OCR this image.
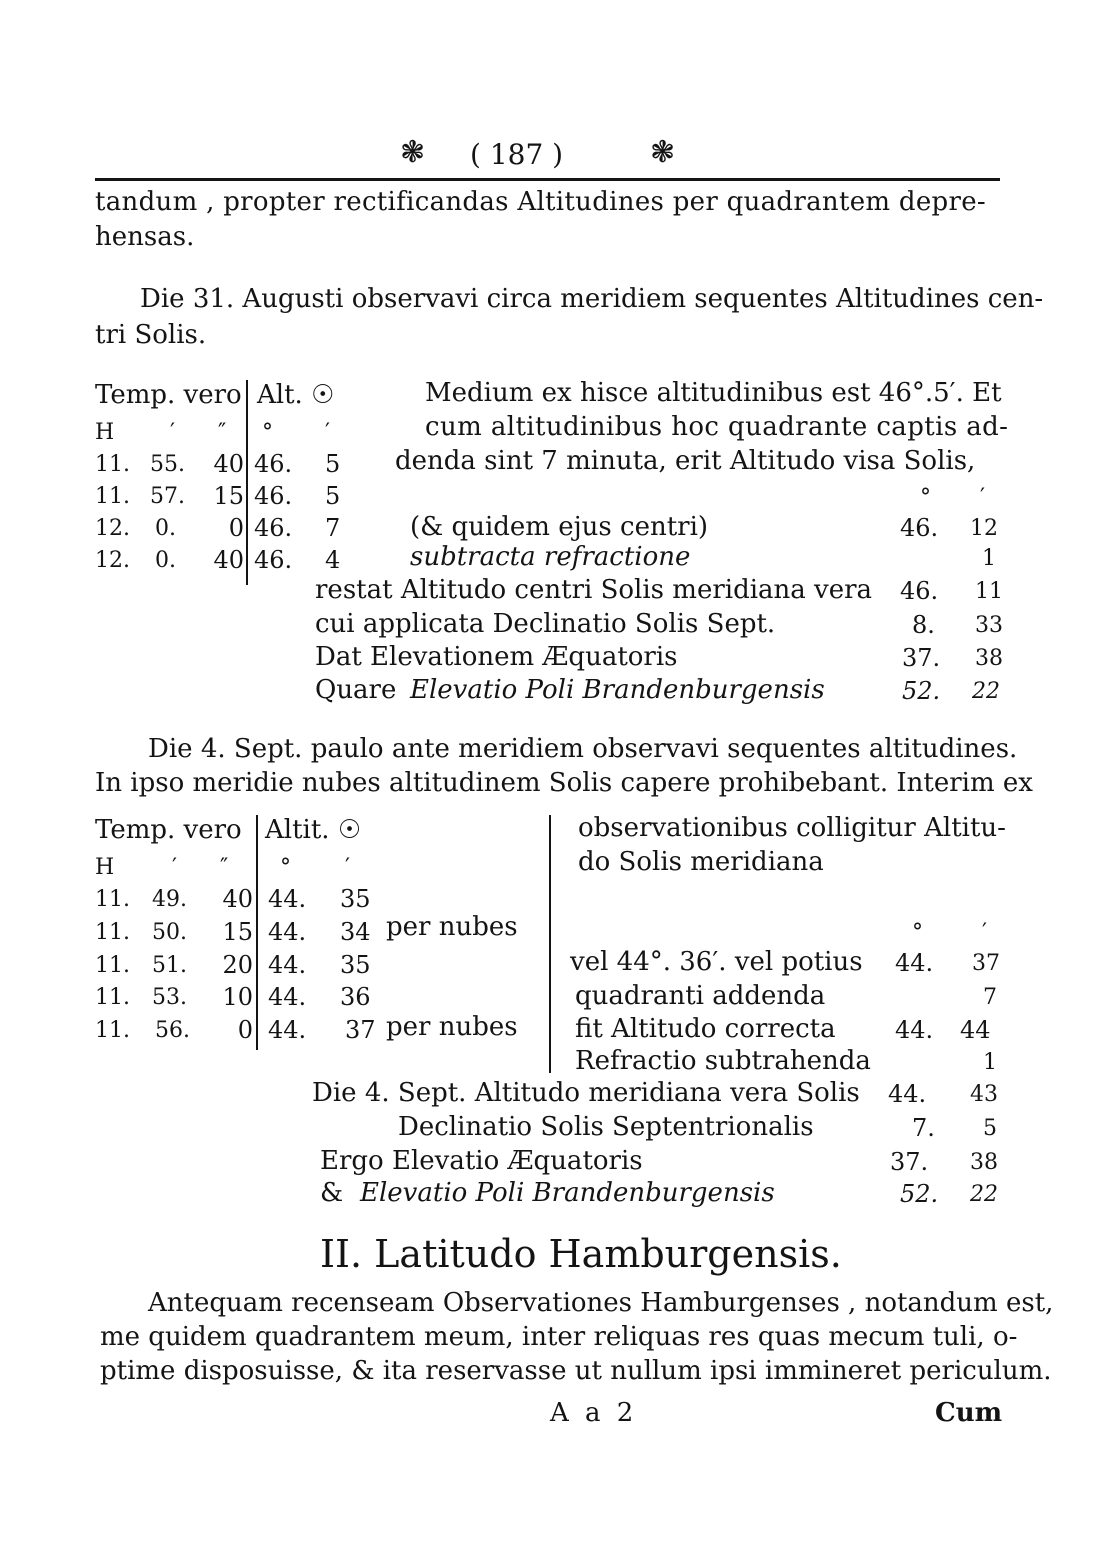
❃ ( 187 )	❃
tandum , propter rectificandas Altitudines per quadrantem depre-
hensas.
Die 31. Augusti observavi circa meridiem sequentes Altitudines cen-
tri Solis.
Temp. vero Alt. ☉
H	′ ″ ° ′
11. 55.	40 46. 5
11. 57.	15 46. 5
12. 0.	0 46. 7
12. 0.	40 46. 4
Medium ex hisce altitudinibus est 46°.5′. Et
cum altitudinibus hoc quadrante captis ad-
denda sint 7 minuta, erit Altitudo visa Solis,
° ′
(& quidem ejus centri)	46. 12
subtracta refractione	1
restat Altitudo centri Solis meridiana vera 46. 11
cui applicata Declinatio Solis Sept.	8. 33
Dat Elevationem Æquatoris	37. 38
Quare Elevatio Poli Brandenburgensis	52. 22
Die 4. Sept. paulo ante meridiem observavi sequentes altitudines.
In ipso meridie nubes altitudinem Solis capere prohibebant. Interim ex
Temp. vero Altit. ☉
H	′ ″ ° ′
11. 49.	40 44. 35
11. 50.	15 44. 34 per nubes
11. 51.	20 44. 35
11. 53.	10 44. 36
11. 56.	0 44. 37 per nubes
observationibus colligitur Altitu-
do Solis meridiana
°	′
vel 44°. 36′. vel potius 44. 37
quadranti addenda	7
fit Altitudo correcta 44. 44
Refractio subtrahenda	1
Die 4. Sept. Altitudo meridiana vera Solis 44. 43
Declinatio Solis Septentrionalis	7. 5
Ergo Elevatio Æquatoris	37. 38
& Elevatio Poli Brandenburgensis	52. 22
II. Latitudo Hamburgensis.
Antequam recenseam Observationes Hamburgenses , notandum est,
me quidem quadrantem meum, inter reliquas res quas mecum tuli, o-
ptime disposuisse, & ita reservasse ut nullum ipsi immineret periculum.
A a 2	Cum
